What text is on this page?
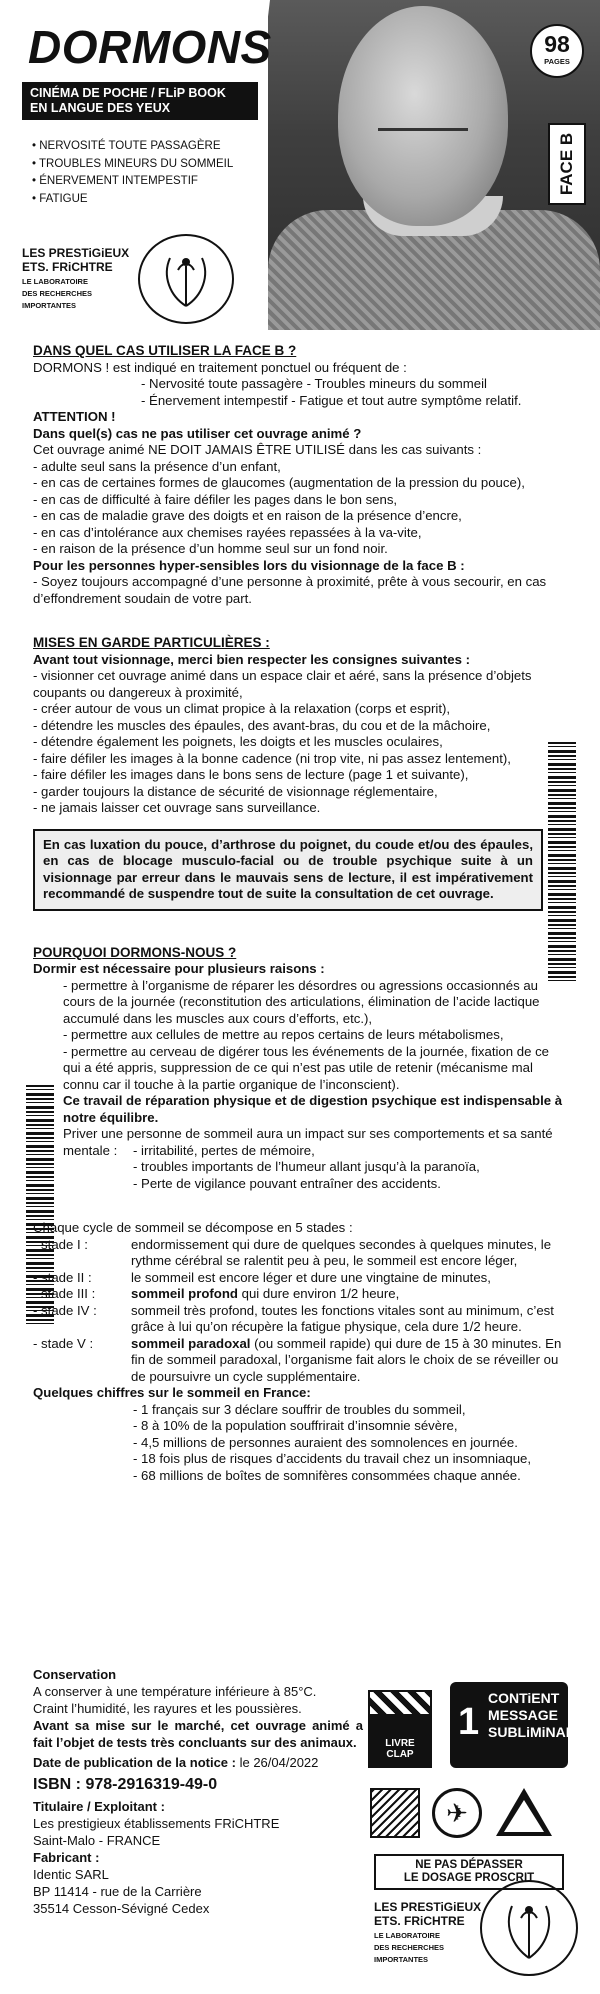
DORMONS
CINÉMA DE POCHE / FLiP BOOK
EN LANGUE DES YEUX
• NERVOSITÉ TOUTE PASSAGÈRE
• TROUBLES MINEURS DU SOMMEIL
• ÉNERVEMENT INTEMPESTIF
• FATIGUE
98
PAGES
FACE B
LES PRESTiGiEUX
ETS. FRiCHTRE
LE LABORATOIRE
DES RECHERCHES
IMPORTANTES

DANS QUEL CAS UTILISER LA FACE B ?

DORMONS ! est indiqué en traitement ponctuel ou fréquent de :

- Nervosité toute passagère - Troubles mineurs du sommeil

- Énervement intempestif - Fatigue et tout autre symptôme relatif.

ATTENTION !

Dans quel(s) cas ne pas utiliser cet ouvrage animé ?

Cet ouvrage animé NE DOIT JAMAIS ÊTRE UTILISÉ dans les cas suivants :

- adulte seul sans la présence d’un enfant,

- en cas de certaines formes de glaucomes (augmentation de la pression du pouce),

- en cas de difficulté à faire défiler les pages dans le bon sens,

- en cas de maladie grave des doigts et en raison de la présence d’encre,

- en cas d’intolérance aux chemises rayées repassées à la va-vite,

- en raison de la présence d’un homme seul sur un fond noir.

Pour les personnes hyper-sensibles lors du visionnage de la face B :

- Soyez toujours accompagné d’une personne à proximité, prête à vous secourir, en cas d’effondrement soudain de votre part.

MISES EN GARDE PARTICULIÈRES :

Avant tout visionnage, merci bien respecter les consignes suivantes :

- visionner cet ouvrage animé dans un espace clair et aéré, sans la présence d’objets coupants ou dangereux à proximité,

- créer autour de vous un climat propice à la relaxation (corps et esprit),

- détendre les muscles des épaules, des avant-bras, du cou et de la mâchoire,

- détendre également les poignets, les doigts et les muscles oculaires,

- faire défiler les images à la bonne cadence (ni trop vite, ni pas assez lentement),

- faire défiler les images dans le bons sens de lecture (page 1 et suivante),

- garder toujours la distance de sécurité de visionnage réglementaire,

- ne jamais laisser cet ouvrage sans surveillance.

En cas luxation du pouce, d’arthrose du poignet, du coude et/ou des épaules, en cas de blocage musculo-facial ou de trouble psychique suite à un visionnage par erreur dans le mauvais sens de lecture, il est impérativement recommandé de suspendre tout de suite la consultation de cet ouvrage.

POURQUOI DORMONS-NOUS ?

Dormir est nécessaire pour plusieurs raisons :

- permettre à l’organisme de réparer les désordres ou agressions occasionnés au cours de la journée (reconstitution des articulations, élimination de l’acide lactique accumulé dans les muscles aux cours d’efforts, etc.),

- permettre aux cellules de mettre au repos certains de leurs métabolismes,

- permettre au cerveau de digérer tous les événements de la journée, fixation de ce qui a été appris, suppression de ce qui n’est pas utile de retenir (mécanisme mal connu car il touche à la partie organique de l’inconscient).

Ce travail de réparation physique et de digestion psychique est indispensable à notre équilibre.

Priver une personne de sommeil aura un impact sur ses comportements et sa santé

mentale :	- irritabilité, pertes de mémoire,

- troubles importants de l’humeur allant jusqu’à la paranoïa,

- Perte de vigilance pouvant entraîner des accidents.

Chaque cycle de sommeil se décompose en 5 stades :

- stade I :	endormissement qui dure de quelques secondes à quelques minutes, le rythme cérébral se ralentit peu à peu, le sommeil est encore léger,
- stade II :	le sommeil est encore léger et dure une vingtaine de minutes,
- stade III :	sommeil profond qui dure environ 1/2 heure,
- stade IV :	sommeil très profond, toutes les fonctions vitales sont au minimum, c’est grâce à lui qu’on récupère la fatigue physique, cela dure 1/2 heure.
- stade V :	sommeil paradoxal (ou sommeil rapide) qui dure de 15 à 30 minutes. En fin de sommeil paradoxal, l’organisme fait alors le choix de se réveiller ou de poursuivre un cycle supplémentaire.

Quelques chiffres sur le sommeil en France:

- 1 français sur 3 déclare souffrir de troubles du sommeil,

- 8 à 10% de la population souffrirait d’insomnie sévère,

- 4,5 millions de personnes auraient des somnolences en journée.

- 18 fois plus de risques d’accidents du travail chez un insomniaque,

- 68 millions de boîtes de somnifères consommées chaque année.

Conservation

A conserver à une température inférieure à 85°C.

Craint l’humidité, les rayures et les poussières.

Avant sa mise sur le marché, cet ouvrage animé a fait l’objet de tests très concluants sur des animaux.

Date de publication de la notice : le 26/04/2022

ISBN : 978-2916319-49-0

Titulaire / Exploitant :

Les prestigieux établissements FRiCHTRE

Saint-Malo - FRANCE

Fabricant :

Identic SARL

BP 11414 - rue de la Carrière

35514 Cesson-Sévigné Cedex

LIVRE
CLAP
1
CONTiENT
MESSAGE
SUBLiMiNAL
✈
NE PAS DÉPASSER
LE DOSAGE PROSCRIT
LES PRESTiGiEUX
ETS. FRiCHTRE
LE LABORATOIRE
DES RECHERCHES
IMPORTANTES
